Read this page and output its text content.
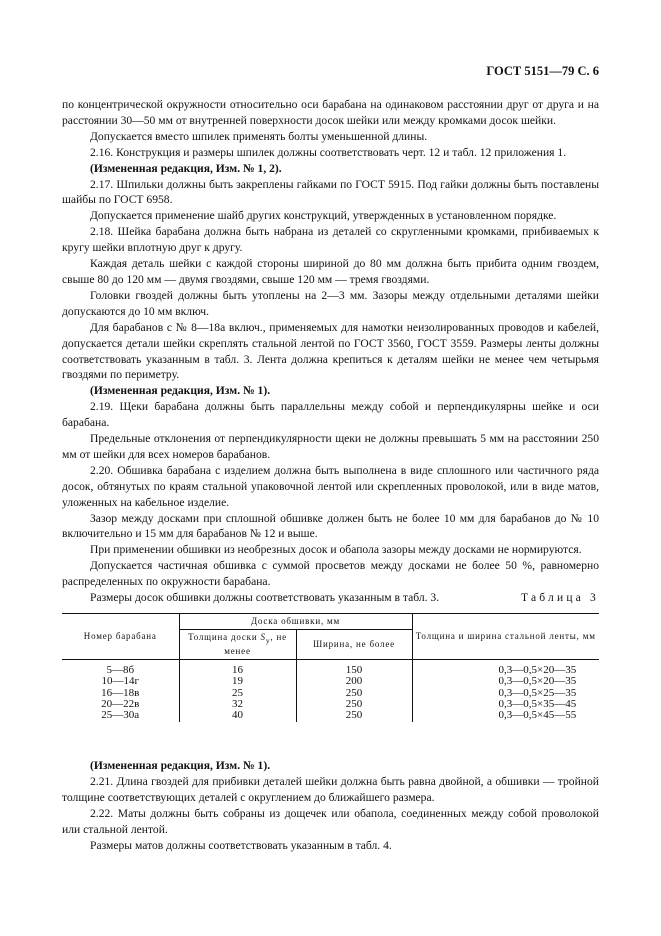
ГОСТ 5151—79 С. 6

по концентрической окружности относительно оси барабана на одинаковом расстоянии друг от друга и на расстоянии 30—50 мм от внутренней поверхности досок шейки или между кромками досок шейки.

Допускается вместо шпилек применять болты уменьшенной длины.

2.16. Конструкция и размеры шпилек должны соответствовать черт. 12 и табл. 12 приложения 1.

(Измененная редакция, Изм. № 1, 2).

2.17. Шпильки должны быть закреплены гайками по ГОСТ 5915. Под гайки должны быть поставлены шайбы по ГОСТ 6958.

Допускается применение шайб других конструкций, утвержденных в установленном порядке.

2.18. Шейка барабана должна быть набрана из деталей со скругленными кромками, прибиваемых к кругу шейки вплотную друг к другу.

Каждая деталь шейки с каждой стороны шириной до 80 мм должна быть прибита одним гвоздем, свыше 80 до 120 мм — двумя гвоздями, свыше 120 мм — тремя гвоздями.

Головки гвоздей должны быть утоплены на 2—3 мм. Зазоры между отдельными деталями шейки допускаются до 10 мм включ.

Для барабанов с № 8—18а включ., применяемых для намотки неизолированных проводов и кабелей, допускается детали шейки скреплять стальной лентой по ГОСТ 3560, ГОСТ 3559. Размеры ленты должны соответствовать указанным в табл. 3. Лента должна крепиться к деталям шейки не менее чем четырьмя гвоздями по периметру.

(Измененная редакция, Изм. № 1).

2.19. Щеки барабана должны быть параллельны между собой и перпендикулярны шейке и оси барабана.

Предельные отклонения от перпендикулярности щеки не должны превышать 5 мм на расстоянии 250 мм от шейки для всех номеров барабанов.

2.20. Обшивка барабана с изделием должна быть выполнена в виде сплошного или частичного ряда досок, обтянутых по краям стальной упаковочной лентой или скрепленных проволокой, или в виде матов, уложенных на кабельное изделие.

Зазор между досками при сплошной обшивке должен быть не более 10 мм для барабанов до № 10 включительно и 15 мм для барабанов № 12 и выше.

При применении обшивки из необрезных досок и обапола зазоры между досками не нормируются.

Допускается частичная обшивка с суммой просветов между досками не более 50 %, равномерно распределенных по окружности барабана.

Размеры досок обшивки должны соответствовать указанным в табл. 3.	Таблица 3
Номер барабана	Доска обшивки, мм		Толщина и ширина стальной ленты, мм
	Толщина доски $S_у$, не менее	Ширина, не более	
5—8б	16	150	0,3—0,5×20—35
10—14г	19	200	0,3—0,5×20—35
16—18в	25	250	0,3—0,5×25—35
20—22в	32	250	0,3—0,5×35—45
25—30а	40	250	0,3—0,5×45—55

(Измененная редакция, Изм. № 1).

2.21. Длина гвоздей для прибивки деталей шейки должна быть равна двойной, а обшивки — тройной толщине соответствующих деталей с округлением до ближайшего размера.

2.22. Маты должны быть собраны из дощечек или обапола, соединенных между собой проволокой или стальной лентой.

Размеры матов должны соответствовать указанным в табл. 4.
